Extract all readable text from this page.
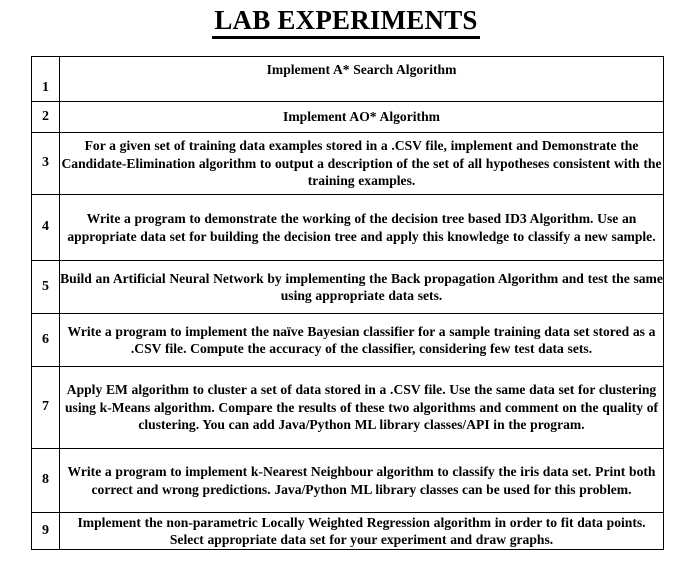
LAB EXPERIMENTS
1	Implement A* Search Algorithm
2	Implement AO* Algorithm
3	For a given set of training data examples stored in a .CSV file, implement and Demonstrate the Candidate-Elimination algorithm to output a description of the set of all hypotheses consistent with the training examples.
4	Write a program to demonstrate the working of the decision tree based ID3 Algorithm. Use an appropriate data set for building the decision tree and apply this knowledge to classify a new sample.
5	Build an Artificial Neural Network by implementing the Back propagation Algorithm and test the same using appropriate data sets.
6	Write a program to implement the naïve Bayesian classifier for a sample training data set stored as a .CSV file. Compute the accuracy of the classifier, considering few test data sets.
7	Apply EM algorithm to cluster a set of data stored in a .CSV file. Use the same data set for clustering using k-Means algorithm. Compare the results of these two algorithms and comment on the quality of clustering. You can add Java/Python ML library classes/API in the program.
8	Write a program to implement k-Nearest Neighbour algorithm to classify the iris data set. Print both correct and wrong predictions. Java/Python ML library classes can be used for this problem.
9	Implement the non-parametric Locally Weighted Regression algorithm in order to fit data points. Select appropriate data set for your experiment and draw graphs.
